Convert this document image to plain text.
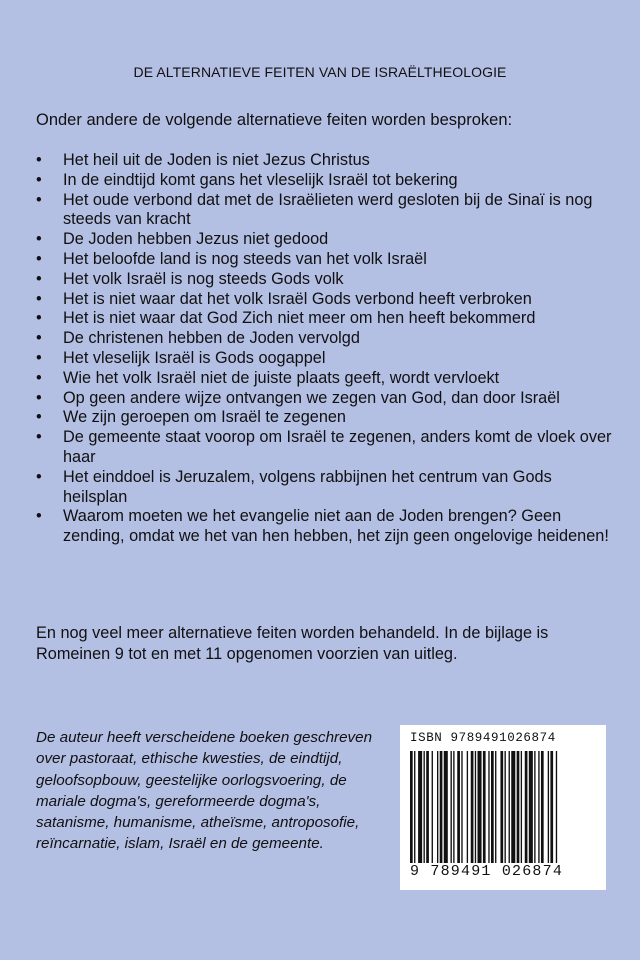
DE ALTERNATIEVE FEITEN VAN DE ISRAËLTHEOLOGIE
Onder andere de volgende alternatieve feiten worden besproken:
• Het heil uit de Joden is niet Jezus Christus
• In de eindtijd komt gans het vleselijk Israël tot bekering
• Het oude verbond dat met de Israëlieten werd gesloten bij de Sinaï is nog steeds van kracht
• De Joden hebben Jezus niet gedood
• Het beloofde land is nog steeds van het volk Israël
• Het volk Israël is nog steeds Gods volk
• Het is niet waar dat het volk Israël Gods verbond heeft verbroken
• Het is niet waar dat God Zich niet meer om hen heeft bekommerd
• De christenen hebben de Joden vervolgd
• Het vleselijk Israël is Gods oogappel
• Wie het volk Israël niet de juiste plaats geeft, wordt vervloekt
• Op geen andere wijze ontvangen we zegen van God, dan door Israël
• We zijn geroepen om Israël te zegenen
• De gemeente staat voorop om Israël te zegenen, anders komt de vloek over haar
• Het einddoel is Jeruzalem, volgens rabbijnen het centrum van Gods heilsplan
• Waarom moeten we het evangelie niet aan de Joden brengen? Geen zending, omdat we het van hen hebben, het zijn geen ongelovige heidenen!
En nog veel meer alternatieve feiten worden behandeld. In de bijlage is Romeinen 9 tot en met 11 opgenomen voorzien van uitleg.
De auteur heeft verscheidene boeken geschreven over pastoraat, ethische kwesties, de eindtijd, geloofsopbouw, geestelijke oorlogsvoering, de mariale dogma's, gereformeerde dogma's, satanisme, humanisme, atheïsme, antroposofie, reïncarnatie, islam, Israël en de gemeente.
ISBN 9789491026874
9 789491 026874
